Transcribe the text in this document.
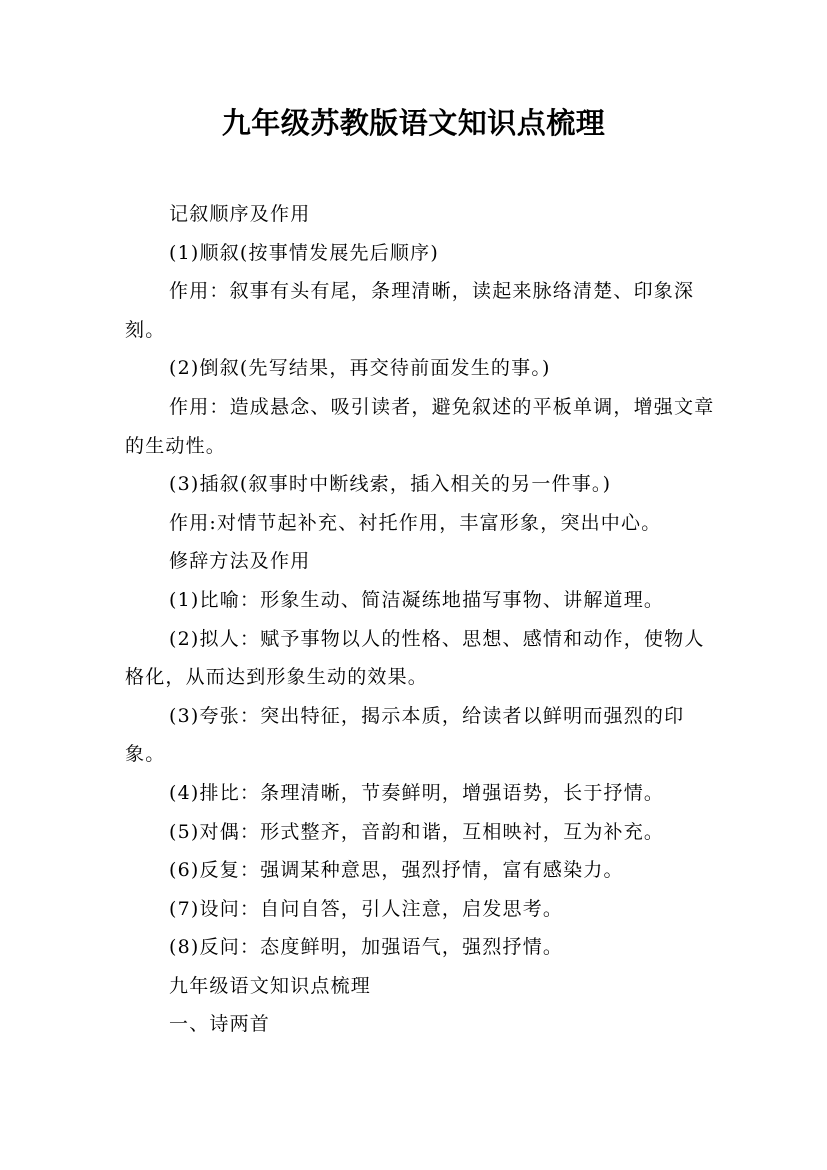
九年级苏教版语文知识点梳理

记叙顺序及作用

(1)顺叙(按事情发展先后顺序)

作用：叙事有头有尾，条理清晰，读起来脉络清楚、印象深刻。

(2)倒叙(先写结果，再交待前面发生的事。)

作用：造成悬念、吸引读者，避免叙述的平板单调，增强文章的生动性。

(3)插叙(叙事时中断线索，插入相关的另一件事。)

作用:对情节起补充、衬托作用，丰富形象，突出中心。

修辞方法及作用

(1)比喻：形象生动、简洁凝练地描写事物、讲解道理。

(2)拟人：赋予事物以人的性格、思想、感情和动作，使物人格化，从而达到形象生动的效果。

(3)夸张：突出特征，揭示本质，给读者以鲜明而强烈的印象。

(4)排比：条理清晰，节奏鲜明，增强语势，长于抒情。

(5)对偶：形式整齐，音韵和谐，互相映衬，互为补充。

(6)反复：强调某种意思，强烈抒情，富有感染力。

(7)设问：自问自答，引人注意，启发思考。

(8)反问：态度鲜明，加强语气，强烈抒情。

九年级语文知识点梳理

一、诗两首
